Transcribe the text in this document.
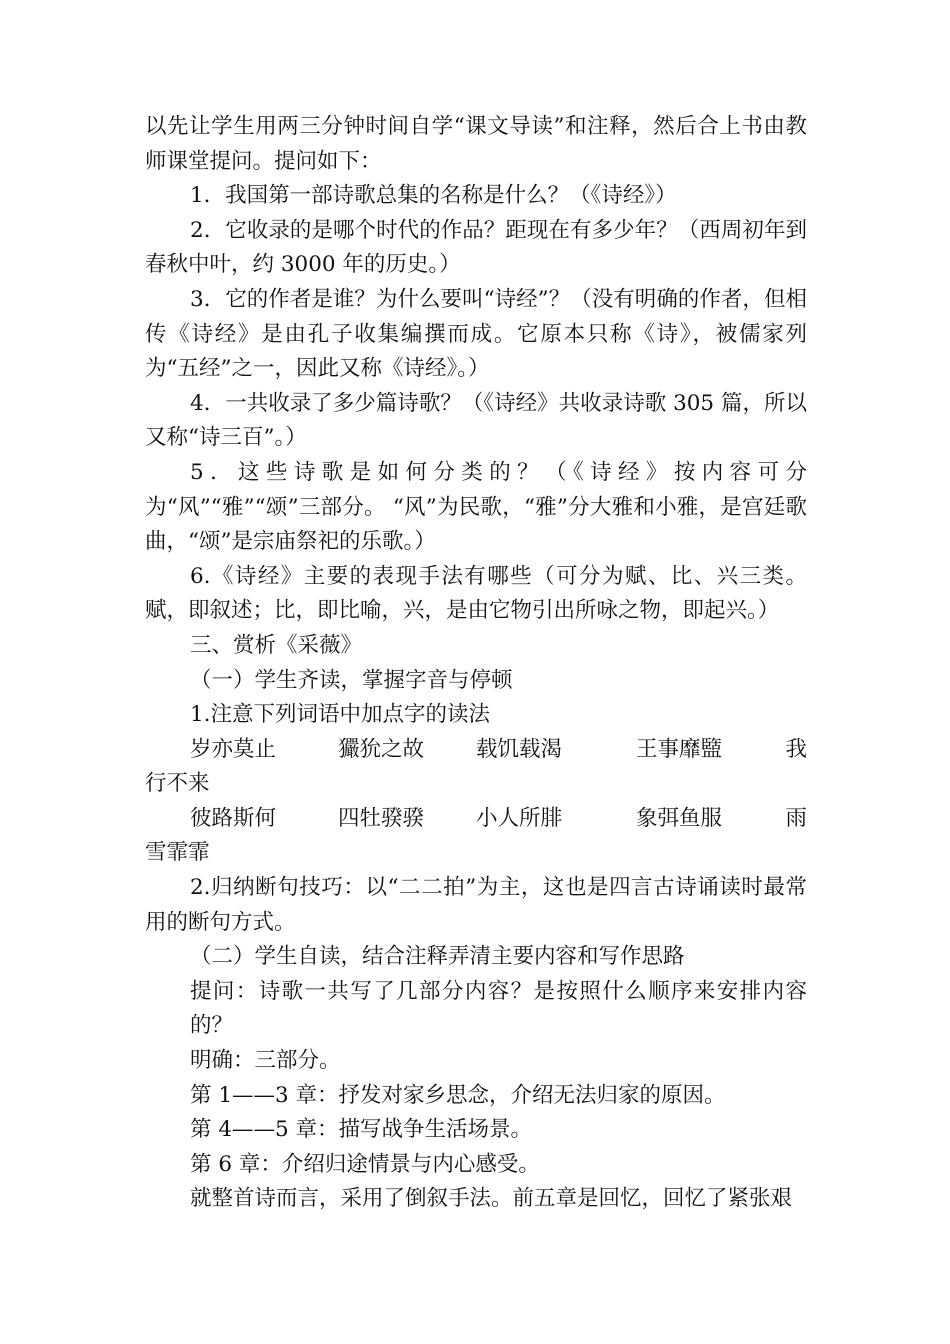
以先让学生用两三分钟时间自学“课文导读”和注释，然后合上书由教师课堂提问。提问如下：

1．我国第一部诗歌总集的名称是什么？（《诗经》）

2．它收录的是哪个时代的作品？距现在有多少年？（西周初年到春秋中叶，约 3000 年的历史。）

3．它的作者是谁？为什么要叫“诗经”？（没有明确的作者，但相传《诗经》是由孔子收集编撰而成。它原本只称《诗》，被儒家列为“五经”之一，因此又称《诗经》。）

4．一共收录了多少篇诗歌？（《诗经》共收录诗歌 305 篇，所以又称“诗三百”。）

5．这些诗歌是如何分类的？（《诗经》按内容可分为“风”“雅”“颂”三部分。 “风”为民歌，“雅”分大雅和小雅，是宫廷歌曲，“颂”是宗庙祭祀的乐歌。）

6.《诗经》主要的表现手法有哪些（可分为赋、比、兴三类。赋，即叙述；比，即比喻，兴，是由它物引出所咏之物，即起兴。）

三、赏析《采薇》

（一）学生齐读，掌握字音与停顿

1.注意下列词语中加点字的读法

岁亦莫止	玁狁之故	载饥载渴	王事靡盬	我
行不来
彼路斯何	四牡骙骙	小人所腓	象弭鱼服	雨
雪霏霏

2.归纳断句技巧：以“二二拍”为主，这也是四言古诗诵读时最常用的断句方式。

（二）学生自读，结合注释弄清主要内容和写作思路

提问：诗歌一共写了几部分内容？是按照什么顺序来安排内容的？

明确：三部分。

第 1——3 章：抒发对家乡思念，介绍无法归家的原因。

第 4——5 章：描写战争生活场景。

第 6 章：介绍归途情景与内心感受。

就整首诗而言，采用了倒叙手法。前五章是回忆，回忆了紧张艰
